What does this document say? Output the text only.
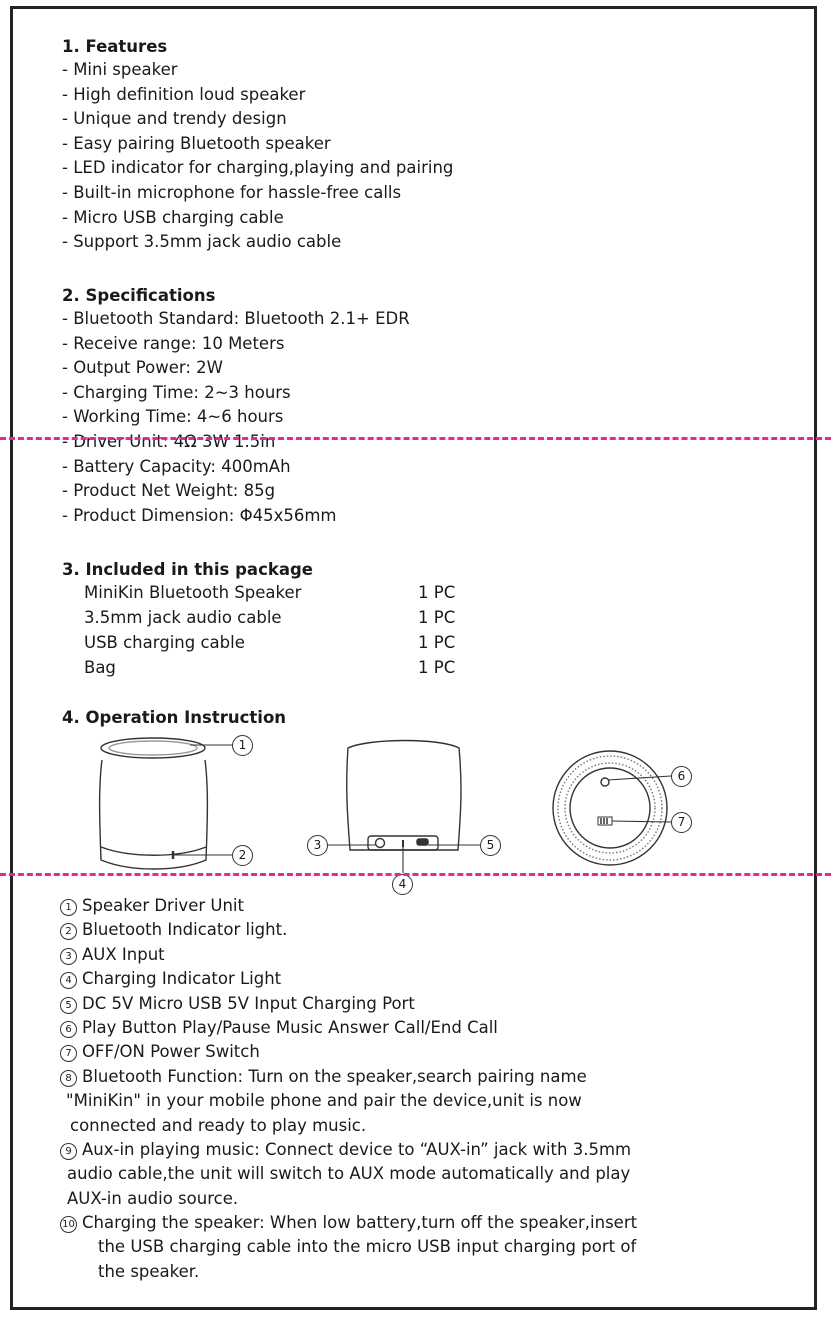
1. Features
- Mini speaker
- High definition loud speaker
- Unique and trendy design
- Easy pairing Bluetooth speaker
- LED indicator for charging,playing and pairing
- Built-in microphone for hassle-free calls
- Micro USB charging cable
- Support 3.5mm jack audio cable
2. Specifications
- Bluetooth Standard: Bluetooth 2.1+ EDR
- Receive range: 10 Meters
- Output Power: 2W
- Charging Time: 2~3 hours
- Working Time: 4~6 hours
- Driver Unit: 4Ω 3W 1.5in
- Battery Capacity: 400mAh
- Product Net Weight: 85g
- Product Dimension: Φ45x56mm
3. Included in this package
MiniKin Bluetooth Speaker	1 PC
3.5mm jack audio cable	1 PC
USB charging cable	1 PC
Bag	1 PC
4. Operation Instruction
1
2
3
4
5
6
7
1 Speaker Driver Unit
2 Bluetooth Indicator light.
3 AUX Input
4 Charging Indicator Light
5 DC 5V Micro USB 5V Input Charging Port
6 Play Button Play/Pause Music Answer Call/End Call
7 OFF/ON Power Switch
8 Bluetooth Function: Turn on the speaker,search pairing name
"MiniKin" in your mobile phone and pair the device,unit is now
connected and ready to play music.
9 Aux-in playing music: Connect device to “AUX-in” jack with 3.5mm
audio cable,the unit will switch to AUX mode automatically and play
AUX-in audio source.
10 Charging the speaker: When low battery,turn off the speaker,insert
the USB charging cable into the micro USB input charging port of
the speaker.
